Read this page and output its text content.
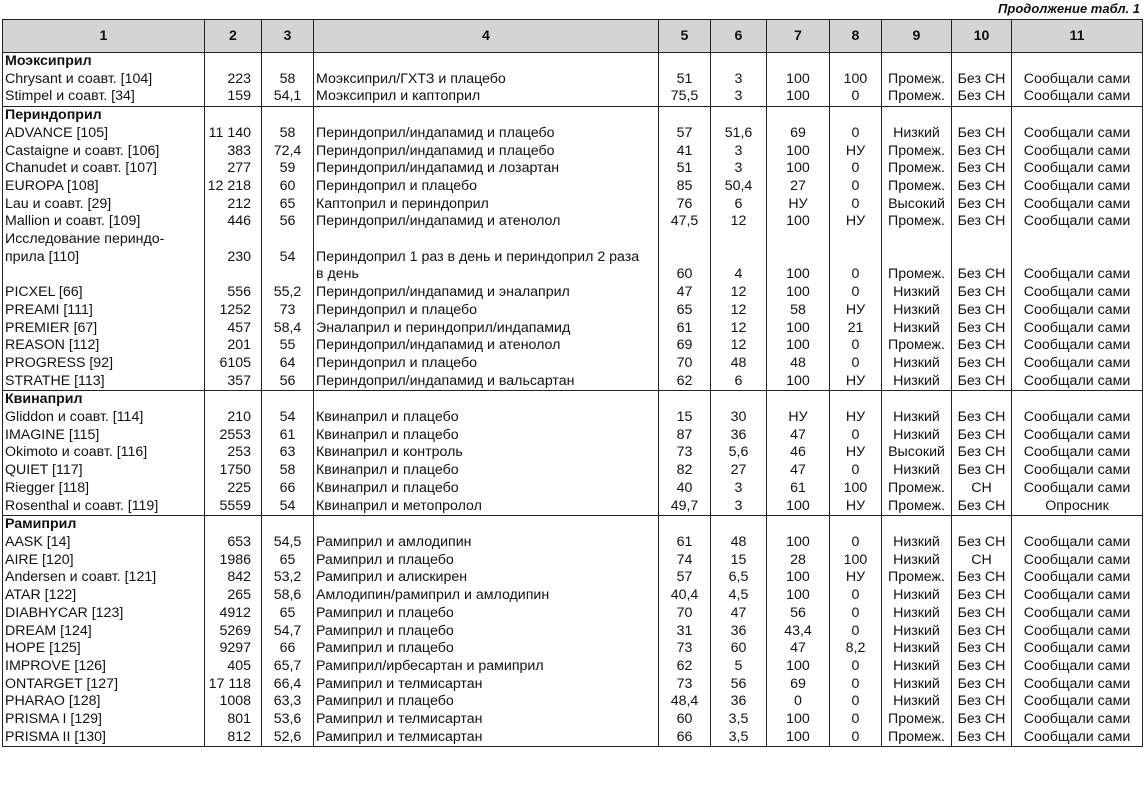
Продолжение табл. 1
1	2	3	4	5	6	7	8	9	10	11
Моэксиприл										
Chrysant и соавт. [104]	223	58	Моэксиприл/ГХТЗ и плацебо	51	3	100	100	Промеж.	Без СН	Сообщали сами
Stimpel и соавт. [34]	159	54,1	Моэксиприл и каптоприл	75,5	3	100	0	Промеж.	Без СН	Сообщали сами
Периндоприл										
ADVANCE [105]	11 140	58	Периндоприл/индапамид и плацебо	57	51,6	69	0	Низкий	Без СН	Сообщали сами
Castaigne и соавт. [106]	383	72,4	Периндоприл/индапамид и плацебо	41	3	100	НУ	Промеж.	Без СН	Сообщали сами
Chanudet и соавт. [107]	277	59	Периндоприл/индапамид и лозартан	51	3	100	0	Промеж.	Без СН	Сообщали сами
EUROPA [108]	12 218	60	Периндоприл и плацебо	85	50,4	27	0	Промеж.	Без СН	Сообщали сами
Lau и соавт. [29]	212	65	Каптоприл и периндоприл	76	6	НУ	0	Высокий	Без СН	Сообщали сами
Mallion и соавт. [109]	446	56	Периндоприл/индапамид и атенолол	47,5	12	100	НУ	Промеж.	Без СН	Сообщали сами
Исследование периндо-										
прила [110]	230	54	Периндоприл 1 раз в день и периндоприл 2 раза							
			в день	60	4	100	0	Промеж.	Без СН	Сообщали сами
PICXEL [66]	556	55,2	Периндоприл/индапамид и эналаприл	47	12	100	0	Низкий	Без СН	Сообщали сами
PREAMI [111]	1252	73	Периндоприл и плацебо	65	12	58	НУ	Низкий	Без СН	Сообщали сами
PREMIER [67]	457	58,4	Эналаприл и периндоприл/индапамид	61	12	100	21	Низкий	Без СН	Сообщали сами
REASON [112]	201	55	Периндоприл/индапамид и атенолол	69	12	100	0	Промеж.	Без СН	Сообщали сами
PROGRESS [92]	6105	64	Периндоприл и плацебо	70	48	48	0	Низкий	Без СН	Сообщали сами
STRATHE [113]	357	56	Периндоприл/индапамид и вальсартан	62	6	100	НУ	Низкий	Без СН	Сообщали сами
Квинаприл										
Gliddon и соавт. [114]	210	54	Квинаприл и плацебо	15	30	НУ	НУ	Низкий	Без СН	Сообщали сами
IMAGINE [115]	2553	61	Квинаприл и плацебо	87	36	47	0	Низкий	Без СН	Сообщали сами
Okimoto и соавт. [116]	253	63	Квинаприл и контроль	73	5,6	46	НУ	Высокий	Без СН	Сообщали сами
QUIET [117]	1750	58	Квинаприл и плацебо	82	27	47	0	Низкий	Без СН	Сообщали сами
Riegger [118]	225	66	Квинаприл и плацебо	40	3	61	100	Промеж.	СН	Сообщали сами
Rosenthal и соавт. [119]	5559	54	Квинаприл и метопролол	49,7	3	100	НУ	Промеж.	Без СН	Опросник
Рамиприл										
AASK [14]	653	54,5	Рамиприл и амлодипин	61	48	100	0	Низкий	Без СН	Сообщали сами
AIRE [120]	1986	65	Рамиприл и плацебо	74	15	28	100	Низкий	СН	Сообщали сами
Andersen и соавт. [121]	842	53,2	Рамиприл и алискирен	57	6,5	100	НУ	Промеж.	Без СН	Сообщали сами
ATAR [122]	265	58,6	Амлодипин/рамиприл и амлодипин	40,4	4,5	100	0	Низкий	Без СН	Сообщали сами
DIABHYCAR [123]	4912	65	Рамиприл и плацебо	70	47	56	0	Низкий	Без СН	Сообщали сами
DREAM [124]	5269	54,7	Рамиприл и плацебо	31	36	43,4	0	Низкий	Без СН	Сообщали сами
HOPE [125]	9297	66	Рамиприл и плацебо	73	60	47	8,2	Низкий	Без СН	Сообщали сами
IMPROVE [126]	405	65,7	Рамиприл/ирбесартан и рамиприл	62	5	100	0	Низкий	Без СН	Сообщали сами
ONTARGET [127]	17 118	66,4	Рамиприл и телмисартан	73	56	69	0	Низкий	Без СН	Сообщали сами
PHARAO [128]	1008	63,3	Рамиприл и плацебо	48,4	36	0	0	Низкий	Без СН	Сообщали сами
PRISMA I [129]	801	53,6	Рамиприл и телмисартан	60	3,5	100	0	Промеж.	Без СН	Сообщали сами
PRISMA II [130]	812	52,6	Рамиприл и телмисартан	66	3,5	100	0	Промеж.	Без СН	Сообщали сами
